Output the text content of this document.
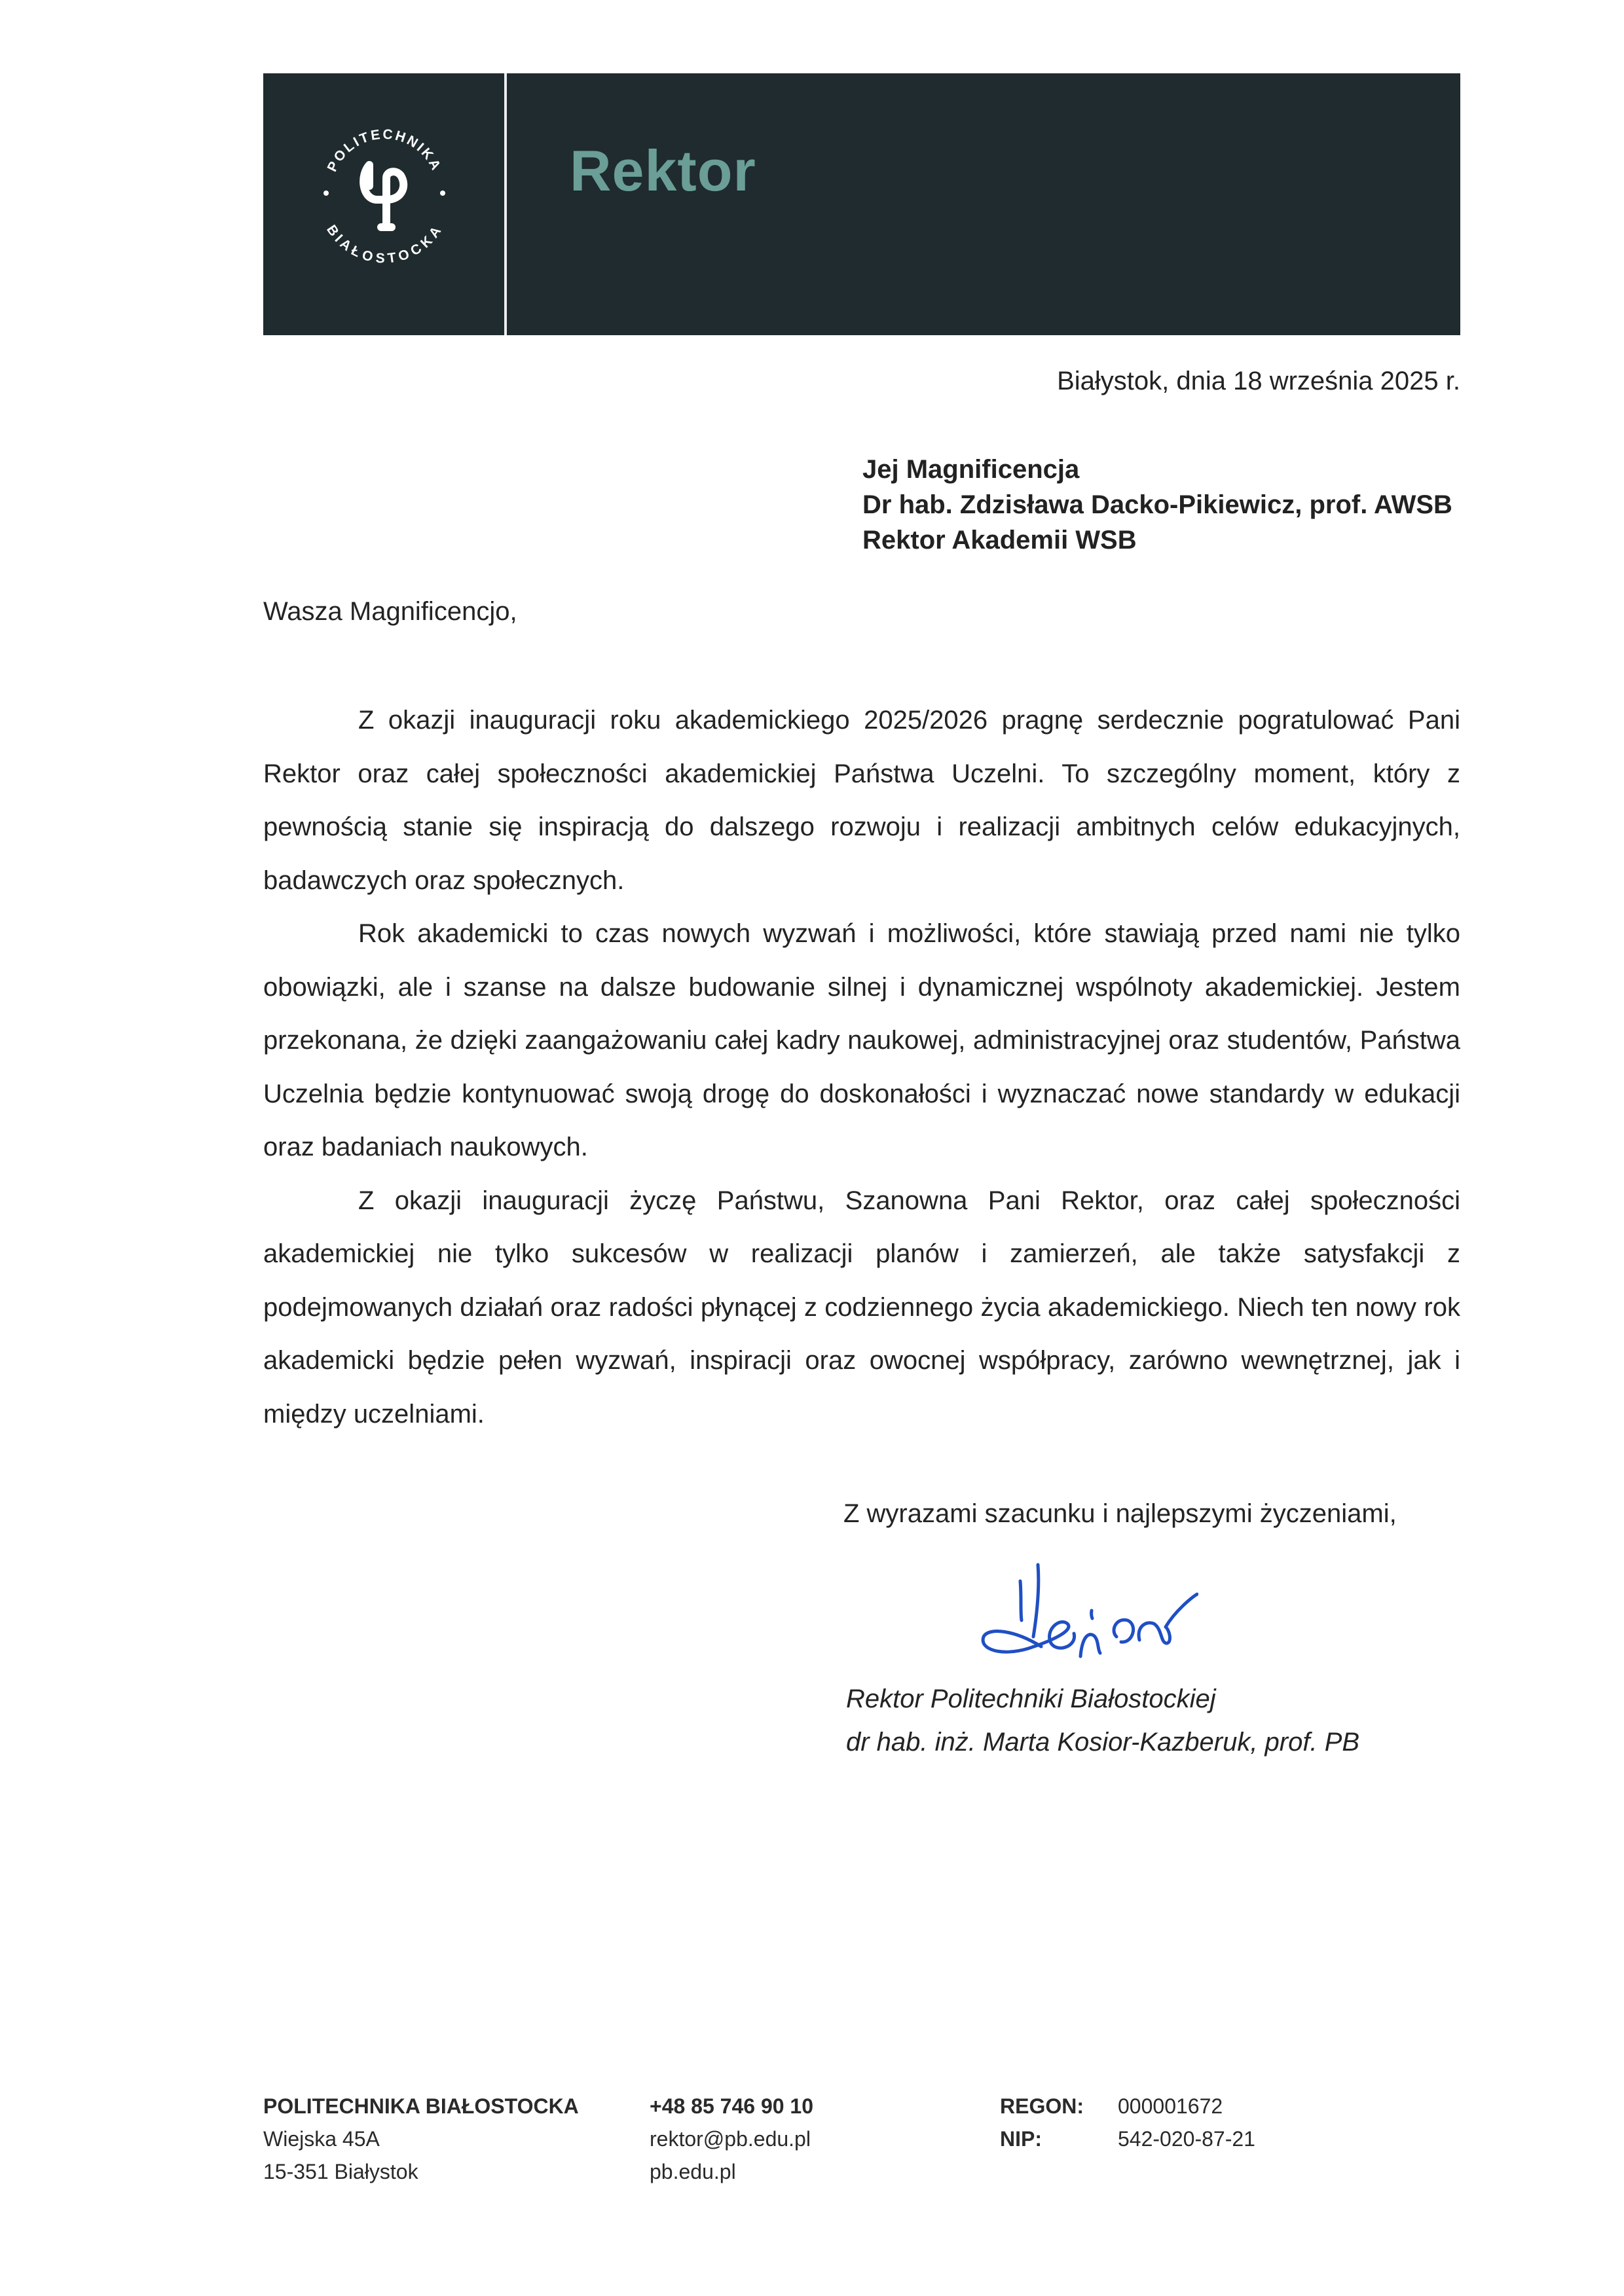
POLITECHNIKA
BIAŁOSTOCKA
Rektor
Białystok, dnia 18 września 2025 r.
Jej Magnificencja
Dr hab. Zdzisława Dacko-Pikiewicz, prof. AWSB
Rektor Akademii WSB
Wasza Magnificencjo,

Z okazji inauguracji roku akademickiego 2025/2026 pragnę serdecznie pogratulować Pani Rektor oraz całej społeczności akademickiej Państwa Uczelni. To szczególny moment, który z pewnością stanie się inspiracją do dalszego rozwoju i realizacji ambitnych celów edukacyjnych, badawczych oraz społecznych.

Rok akademicki to czas nowych wyzwań i możliwości, które stawiają przed nami nie tylko obowiązki, ale i szanse na dalsze budowanie silnej i dynamicznej wspólnoty akademickiej. Jestem przekonana, że dzięki zaangażowaniu całej kadry naukowej, administracyjnej oraz studentów, Państwa Uczelnia będzie kontynuować swoją drogę do doskonałości i wyznaczać nowe standardy w edukacji oraz badaniach naukowych.

Z okazji inauguracji życzę Państwu, Szanowna Pani Rektor, oraz całej społeczności akademickiej nie tylko sukcesów w realizacji planów i zamierzeń, ale także satysfakcji z podejmowanych działań oraz radości płynącej z codziennego życia akademickiego. Niech ten nowy rok akademicki będzie pełen wyzwań, inspiracji oraz owocnej współpracy, zarówno wewnętrznej, jak i między uczelniami.

Z wyrazami szacunku i najlepszymi życzeniami,
Rektor Politechniki Białostockiej
dr hab. inż. Marta Kosior-Kazberuk, prof. PB
POLITECHNIKA BIAŁOSTOCKA
Wiejska 45A
15-351 Białystok
+48 85 746 90 10
rektor@pb.edu.pl
pb.edu.pl
REGON:	000001672
NIP:	542-020-87-21
